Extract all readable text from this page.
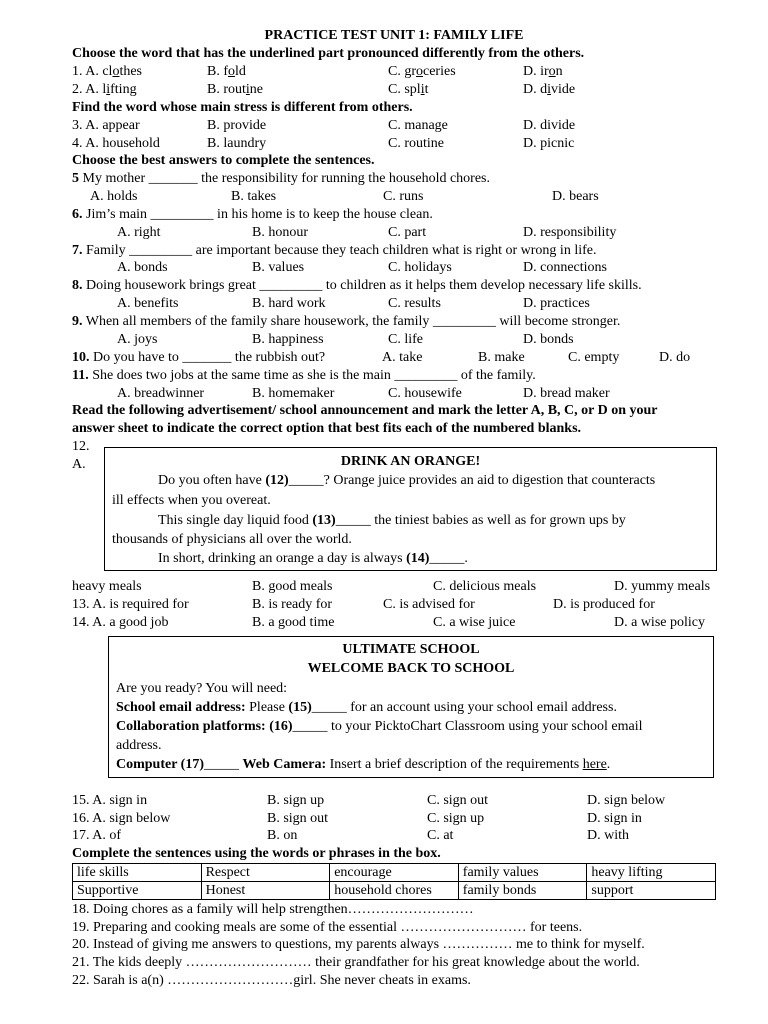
PRACTICE TEST UNIT 1: FAMILY LIFE
Choose the word that has the underlined part pronounced differently from the others.
1. A. clothes	B. fold	C. groceries	D. iron
2. A. lifting	B. routine	C. split	D. divide
Find the word whose main stress is different from others.
3. A. appear	B. provide	C. manage	D. divide
4. A. household	B. laundry	C. routine	D. picnic
Choose the best answers to complete the sentences.
5 My mother _______ the responsibility for running the household chores.
A. holds	B. takes	C. runs	D. bears
6. Jim’s main _________ in his home is to keep the house clean.
A. right	B. honour	C. part	D. responsibility
7. Family _________ are important because they teach children what is right or wrong in life.
A. bonds	B. values	C. holidays	D. connections
8. Doing housework brings great _________ to children as it helps them develop necessary life skills.
A. benefits	B. hard work	C. results	D. practices
9. When all members of the family share housework, the family _________ will become stronger.
A. joys	B. happiness	C. life	D. bonds
10. Do you have to _______ the rubbish out?	A. take	B. make	C. empty	D. do
11. She does two jobs at the same time as she is the main _________ of the family.
A. breadwinner	B. homemaker	C. housewife	D. bread maker
Read the following advertisement/ school announcement and mark the letter A, B, C, or D on your
answer sheet to indicate the correct option that best fits each of the numbered blanks.
12.
A.	DRINK AN ORANGE!
Do you often have (12)_____? Orange juice provides an aid to digestion that counteracts
ill effects when you overeat.
This single day liquid food (13)_____ the tiniest babies as well as for grown ups by
thousands of physicians all over the world.
In short, drinking an orange a day is always (14)_____.
heavy meals	B. good meals	C. delicious meals	D. yummy meals
13. A. is required for	B. is ready for	C. is advised for	D. is produced for
14. A. a good job	B. a good time	C. a wise juice	D. a wise policy
ULTIMATE SCHOOL
WELCOME BACK TO SCHOOL
Are you ready? You will need:
School email address: Please (15)_____ for an account using your school email address.
Collaboration platforms: (16)_____ to your PicktoChart Classroom using your school email
address.
Computer (17)_____ Web Camera: Insert a brief description of the requirements here.
15. A. sign in	B. sign up	C. sign out	D. sign below
16. A. sign below	B. sign out	C. sign up	D. sign in
17. A. of	B. on	C. at	D. with
Complete the sentences using the words or phrases in the box.
life skills	Respect	encourage	family values	heavy lifting
Supportive	Honest	household chores	family bonds	support
18. Doing chores as a family will help strengthen………………………
19. Preparing and cooking meals are some of the essential ……………………… for teens.
20. Instead of giving me answers to questions, my parents always …………… me to think for myself.
21. The kids deeply ……………………… their grandfather for his great knowledge about the world.
22. Sarah is a(n) ………………………girl. She never cheats in exams.
